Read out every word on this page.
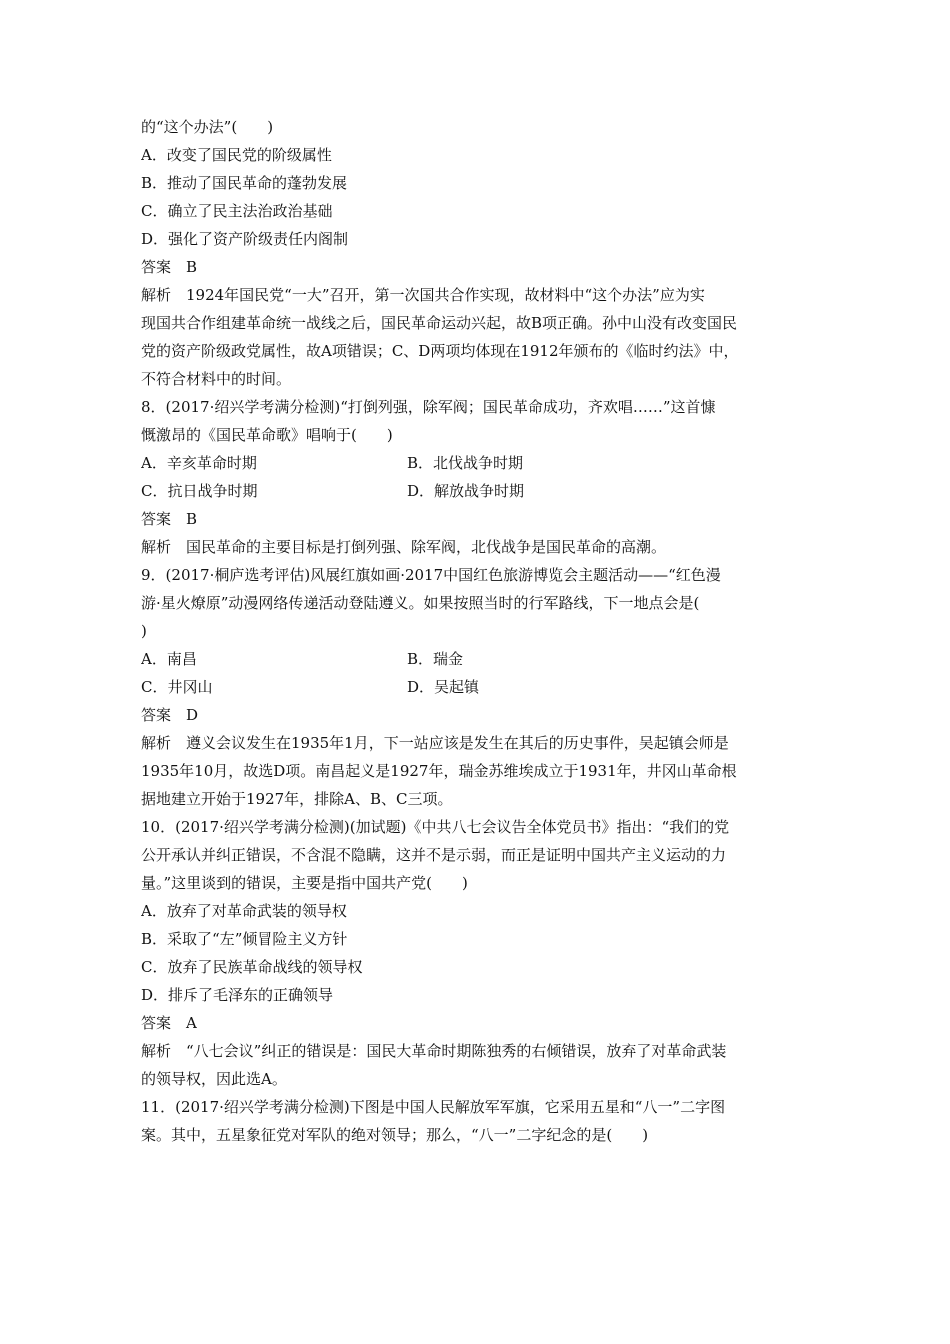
的“这个办法”(　　)
A．改变了国民党的阶级属性
B．推动了国民革命的蓬勃发展
C．确立了民主法治政治基础
D．强化了资产阶级责任内阁制
答案　B
解析　1924年国民党“一大”召开，第一次国共合作实现，故材料中“这个办法”应为实
现国共合作组建革命统一战线之后，国民革命运动兴起，故B项正确。孙中山没有改变国民
党的资产阶级政党属性，故A项错误；C、D两项均体现在1912年颁布的《临时约法》中，
不符合材料中的时间。
8．(2017·绍兴学考满分检测)“打倒列强，除军阀；国民革命成功，齐欢唱……”这首慷
慨激昂的《国民革命歌》唱响于(　　)
A．辛亥革命时期	B．北伐战争时期
C．抗日战争时期	D．解放战争时期
答案　B
解析　国民革命的主要目标是打倒列强、除军阀，北伐战争是国民革命的高潮。
9．(2017·桐庐选考评估)风展红旗如画·2017中国红色旅游博览会主题活动——“红色漫
游·星火燎原”动漫网络传递活动登陆遵义。如果按照当时的行军路线，下一地点会是(
)
A．南昌	B．瑞金
C．井冈山	D．吴起镇
答案　D
解析　遵义会议发生在1935年1月，下一站应该是发生在其后的历史事件，吴起镇会师是
1935年10月，故选D项。南昌起义是1927年，瑞金苏维埃成立于1931年，井冈山革命根
据地建立开始于1927年，排除A、B、C三项。
10．(2017·绍兴学考满分检测)(加试题)《中共八七会议告全体党员书》指出：“我们的党
公开承认并纠正错误，不含混不隐瞒，这并不是示弱，而正是证明中国共产主义运动的力
量。”这里谈到的错误，主要是指中国共产党(　　)
A．放弃了对革命武装的领导权
B．采取了“左”倾冒险主义方针
C．放弃了民族革命战线的领导权
D．排斥了毛泽东的正确领导
答案　A
解析　“八七会议”纠正的错误是：国民大革命时期陈独秀的右倾错误，放弃了对革命武装
的领导权，因此选A。
11．(2017·绍兴学考满分检测)下图是中国人民解放军军旗，它采用五星和“八一”二字图
案。其中，五星象征党对军队的绝对领导；那么，“八一”二字纪念的是(　　)
